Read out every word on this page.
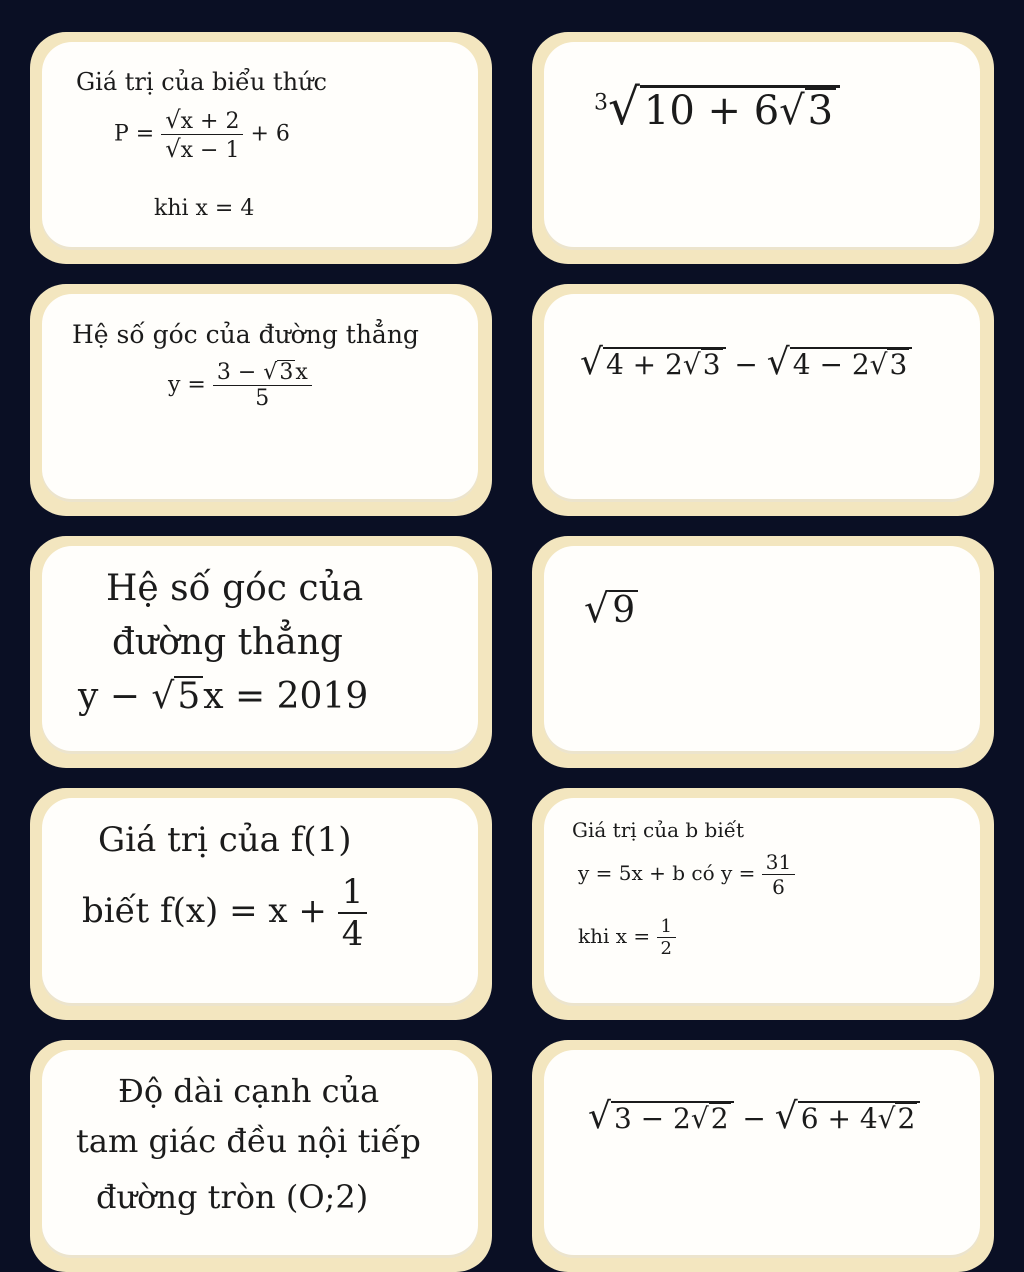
Giá trị của biểu thức
$P = \frac{√x + 2}{√x - 1} + 6$
khi x = 4
$^3$√ 10 + 6√3
Hệ số góc của đường thẳng
$y = \frac{3 - √3x}{5}$	√ 4 + 2√3 − √ 4 − 2√3
Hệ số góc của
đường thẳng
y − √5x = 2019
√9
Giá trị của f(1)
biết $f(x) = x + \frac{1}{4}$
Giá trị của b biết
y = 5x + b có $y = \frac{31}{6}$
khi $x = \frac{1}{2}$
Độ dài cạnh của
tam giác đều nội tiếp
đường tròn (O;2)
√ 3 − 2√2 − √ 6 + 4√2
